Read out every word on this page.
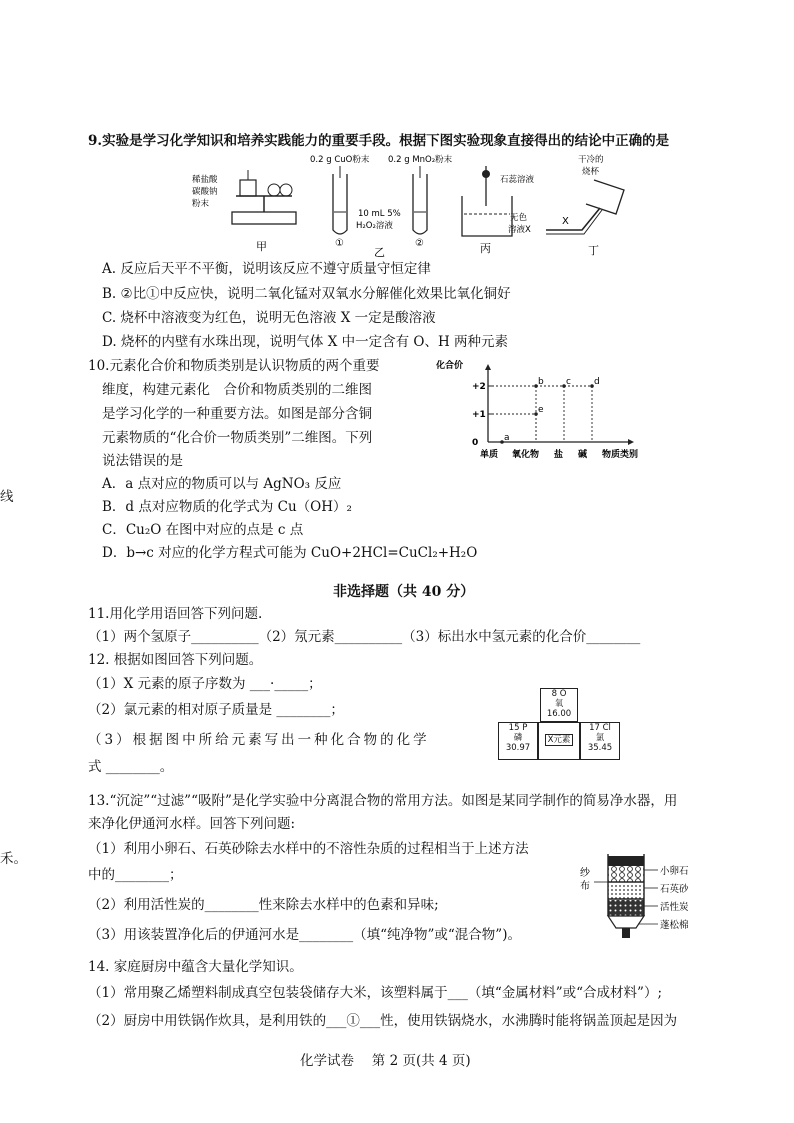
9.实验是学习化学知识和培养实践能力的重要手段。根据下图实验现象直接得出的结论中正确的是
稀盐酸
碳酸钠
粉末
甲
0.2 g CuO粉末 0.2 g MnO₂粉末
10 mL 5%
H₂O₂溶液
①	②
乙
石蕊溶液
无色
溶液X
丙
干冷的
烧杯
X
丁
A. 反应后天平不平衡，说明该反应不遵守质量守恒定律
B. ②比①中反应快，说明二氧化锰对双氧水分解催化效果比氧化铜好
C. 烧杯中溶液变为红色，说明无色溶液 X 一定是酸溶液
D. 烧杯的内壁有水珠出现，说明气体 X 中一定含有 O、H 两种元素
10.元素化合价和物质类别是认识物质的两个重要
维度，构建元素化　合价和物质类别的二维图
是学习化学的一种重要方法。如图是部分含铜
元素物质的“化合价一物质类别”二维图。下列
说法错误的是
A．a 点对应的物质可以与 AgNO₃ 反应
B．d 点对应物质的化学式为 Cu（OH）₂
C．Cu₂O 在图中对应的点是 c 点
D．b→c 对应的化学方程式可能为 CuO+2HCl=CuCl₂+H₂O
化合价
+2
+1
0	a
b c	d
e
单质 氧化物 盐 碱 物质类别
非选择题（共 40 分）
11.用化学用语回答下列问题.
（1）两个氢原子__________（2）氖元素__________（3）标出水中氢元素的化合价________
12. 根据如图回答下列问题。
（1）X 元素的原子序数为 ___·_____；
（2）氯元素的相对原子质量是 ________；
（3）根据图中所给元素写出一种化合物的化学
式 ________。
8 O
氧
16.00
15 P
磷
30.97
X元素
17 Cl
氯
35.45
13.“沉淀”“过滤”“吸附”是化学实验中分离混合物的常用方法。如图是某同学制作的简易净水器，用
来净化伊通河水样。回答下列问题:
（1）利用小卵石、石英砂除去水样中的不溶性杂质的过程相当于上述方法
中的________；
（2）利用活性炭的________性来除去水样中的色素和异味;
（3）用该装置净化后的伊通河水是________（填“纯净物”或“混合物”)。
纱
布
小卵石
石英砂
活性炭
蓬松棉
14. 家庭厨房中蕴含大量化学知识。
（1）常用聚乙烯塑料制成真空包装袋储存大米，该塑料属于___（填“金属材料”或“合成材料”）;
（2）厨房中用铁锅作炊具，是利用铁的___①___性，使用铁锅烧水，水沸腾时能将锅盖顶起是因为
化学试卷　 第 2 页(共 4 页)
线
禾。
